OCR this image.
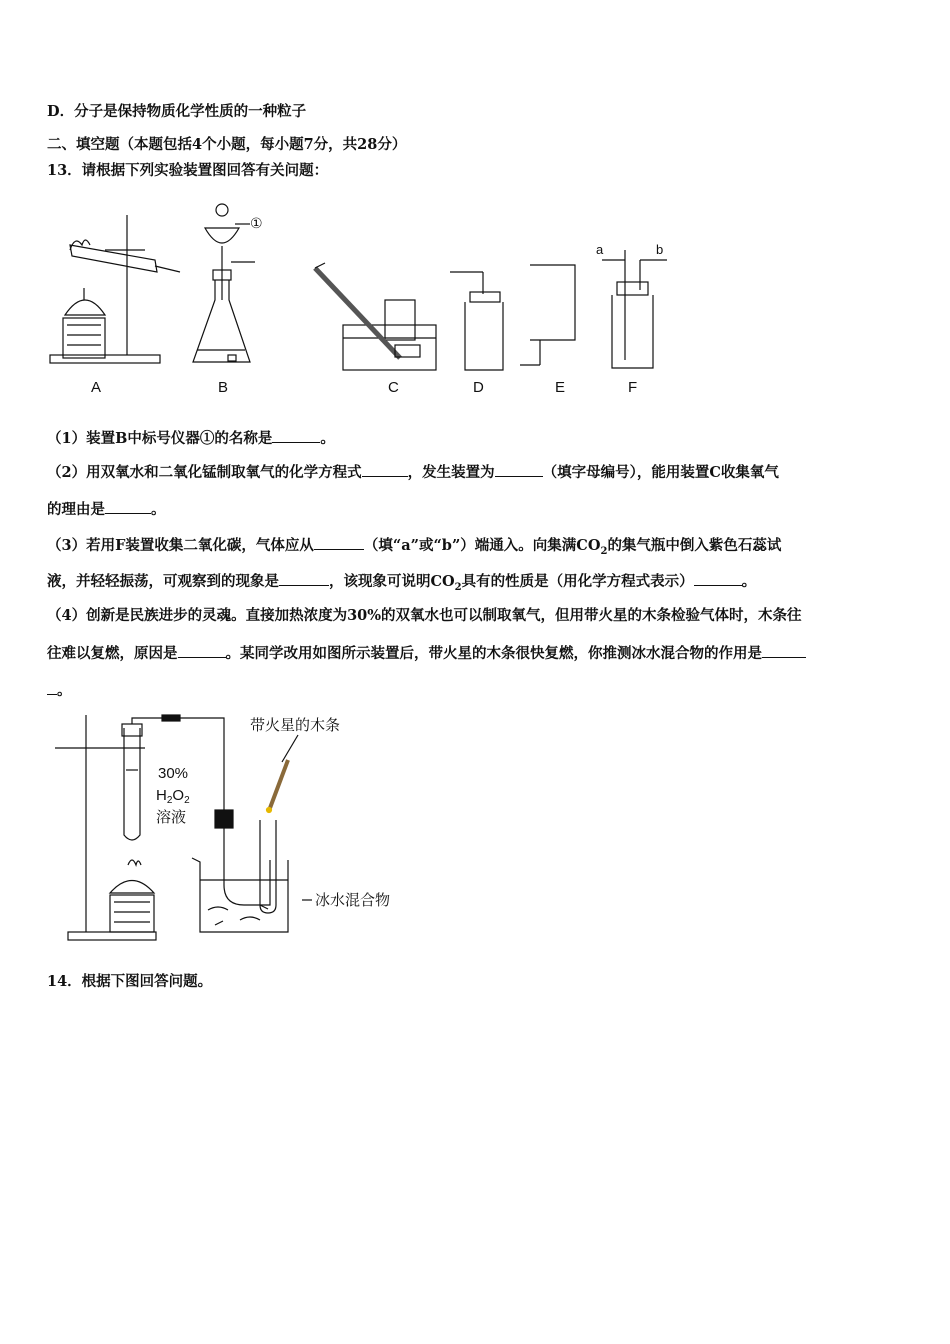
D．分子是保持物质化学性质的一种粒子
二、填空题（本题包括4个小题，每小题7分，共28分）
13．请根据下列实验装置图回答有关问题：
A	B	C	D	E	F
①
a	b
（1）装置B中标号仪器①的名称是	。
（2）用双氧水和二氧化锰制取氧气的化学方程式	，发生装置为	（填字母编号），能用装置C收集氧气
的理由是	。
（3）若用F装置收集二氧化碳，气体应从	（填“a”或“b”）端通入。向集满$CO_2$的集气瓶中倒入紫色石蕊试
液，并轻轻振荡，可观察到的现象是	，该现象可说明$CO_2$具有的性质是（用化学方程式表示）	。
（4）创新是民族进步的灵魂。直接加热浓度为30%的双氧水也可以制取氧气，但用带火星的木条检验气体时，木条往
往难以复燃，原因是	。某同学改用如图所示装置后，带火星的木条很快复燃，你推测冰水混合物的作用是
。
带火星的木条
30%
$H_2O_2$
溶液
冰水混合物
14．根据下图回答问题。
